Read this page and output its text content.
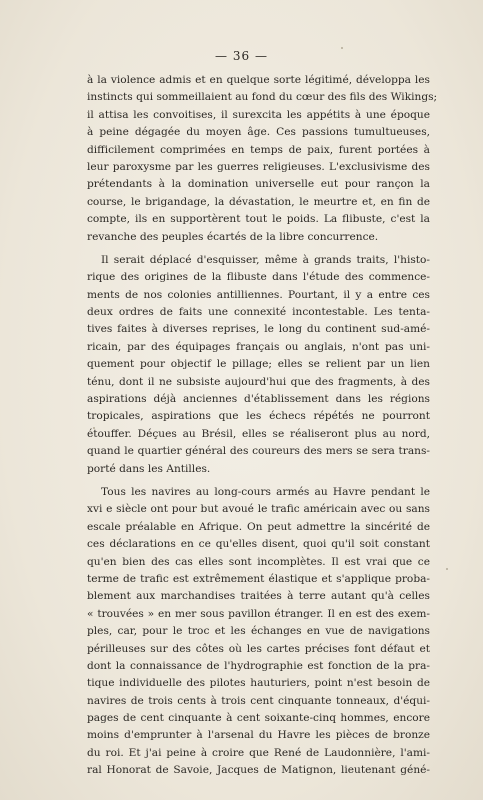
— 36 —
à la violence admis et en quelque sorte légitimé, développa les
instincts qui sommeillaient au fond du cœur des fils des Wikings;
il attisa les convoitises, il surexcita les appétits à une époque
à peine dégagée du moyen âge. Ces passions tumultueuses,
difficilement comprimées en temps de paix, furent portées à
leur paroxysme par les guerres religieuses. L'exclusivisme des
prétendants à la domination universelle eut pour rançon la
course, le brigandage, la dévastation, le meurtre et, en fin de
compte, ils en supportèrent tout le poids. La flibuste, c'est la
revanche des peuples écartés de la libre concurrence.
Il serait déplacé d'esquisser, même à grands traits, l'histo-
rique des origines de la flibuste dans l'étude des commence-
ments de nos colonies antilliennes. Pourtant, il y a entre ces
deux ordres de faits une connexité incontestable. Les tenta-
tives faites à diverses reprises, le long du continent sud-amé-
ricain, par des équipages français ou anglais, n'ont pas uni-
quement pour objectif le pillage; elles se relient par un lien
ténu, dont il ne subsiste aujourd'hui que des fragments, à des
aspirations déjà anciennes d'établissement dans les régions
tropicales, aspirations que les échecs répétés ne pourront
étouffer. Déçues au Brésil, elles se réaliseront plus au nord,
quand le quartier général des coureurs des mers se sera trans-
porté dans les Antilles.
Tous les navires au long-cours armés au Havre pendant le
xvi e siècle ont pour but avoué le trafic américain avec ou sans
escale préalable en Afrique. On peut admettre la sincérité de
ces déclarations en ce qu'elles disent, quoi qu'il soit constant
qu'en bien des cas elles sont incomplètes. Il est vrai que ce
terme de trafic est extrêmement élastique et s'applique proba-
blement aux marchandises traitées à terre autant qu'à celles
« trouvées » en mer sous pavillon étranger. Il en est des exem-
ples, car, pour le troc et les échanges en vue de navigations
périlleuses sur des côtes où les cartes précises font défaut et
dont la connaissance de l'hydrographie est fonction de la pra-
tique individuelle des pilotes hauturiers, point n'est besoin de
navires de trois cents à trois cent cinquante tonneaux, d'équi-
pages de cent cinquante à cent soixante-cinq hommes, encore
moins d'emprunter à l'arsenal du Havre les pièces de bronze
du roi. Et j'ai peine à croire que René de Laudonnière, l'ami-
ral Honorat de Savoie, Jacques de Matignon, lieutenant géné-
